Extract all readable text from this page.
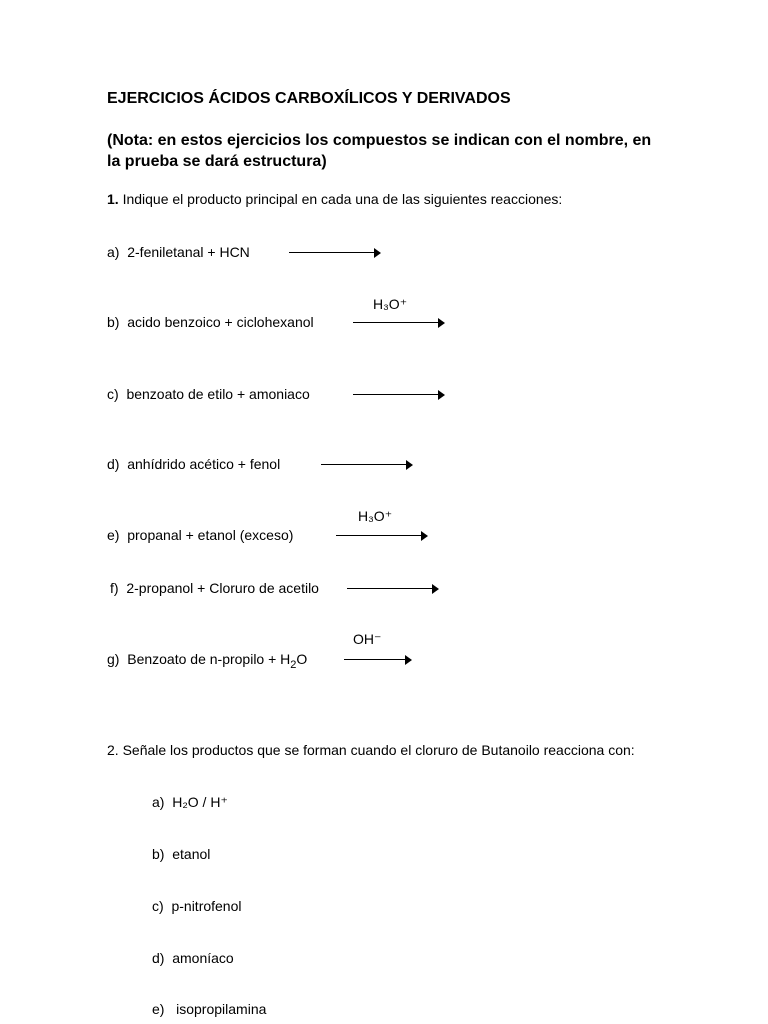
EJERCICIOS ÁCIDOS CARBOXÍLICOS Y DERIVADOS
(Nota: en estos ejercicios los compuestos se indican con el nombre, en la prueba se dará estructura)
1. Indique el producto principal en cada una de las siguientes reacciones:
a) 2-feniletanal + HCN
H₃O⁺
b) acido benzoico + ciclohexanol
c) benzoato de etilo + amoniaco
d) anhídrido acético + fenol
H₃O⁺
e) propanal + etanol (exceso)
f) 2-propanol + Cloruro de acetilo
OH⁻
g) Benzoato de n-propilo + $H_2O$
2. Señale los productos que se forman cuando el cloruro de Butanoilo reacciona con:
a) H₂O / H⁺
b) etanol
c) p-nitrofenol
d) amoníaco
e)   isopropilamina
